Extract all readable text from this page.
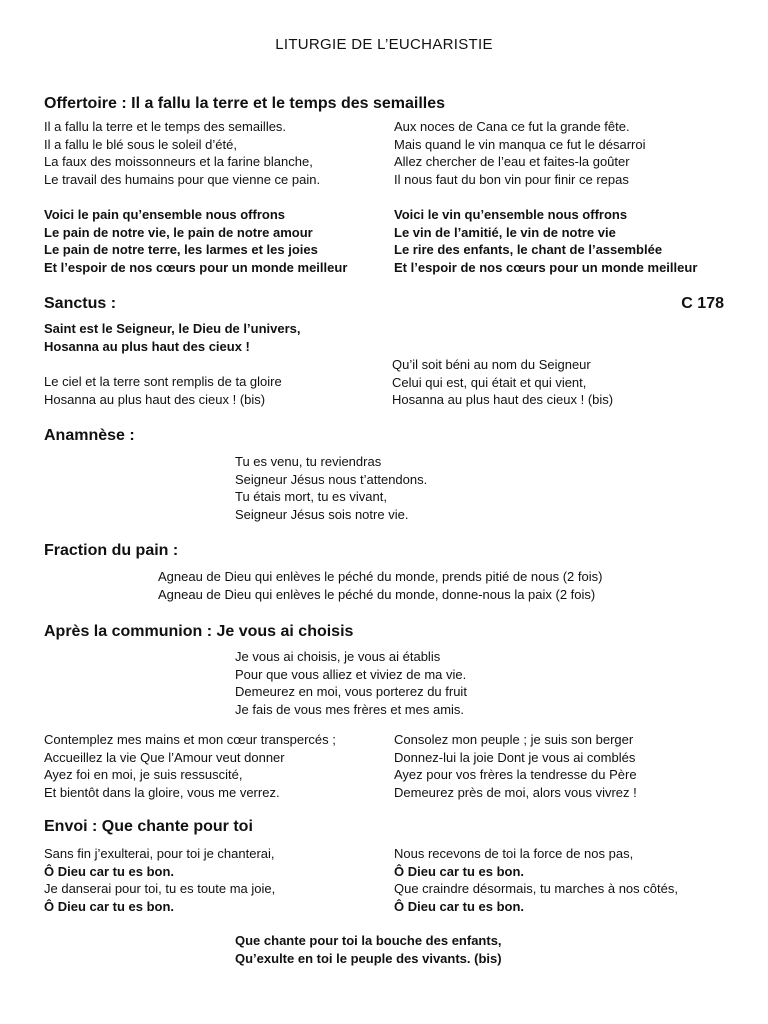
LITURGIE DE L’EUCHARISTIE
Offertoire : Il a fallu la terre et le temps des semailles
Il a fallu la terre et le temps des semailles.
Il a fallu le blé sous le soleil d’été,
La faux des moissonneurs et la farine blanche,
Le travail des humains pour que vienne ce pain.
Aux noces de Cana ce fut la grande fête.
Mais quand le vin manqua ce fut le désarroi
Allez chercher de l’eau et faites-la goûter
Il nous faut du bon vin pour finir ce repas
Voici le pain qu’ensemble nous offrons
Le pain de notre vie, le pain de notre amour
Le pain de notre terre, les larmes et les joies
Et l’espoir de nos cœurs pour un monde meilleur
Voici le vin qu’ensemble nous offrons
Le vin de l’amitié, le vin de notre vie
Le rire des enfants, le chant de l’assemblée
Et l’espoir de nos cœurs pour un monde meilleur
Sanctus :	C 178
Saint est le Seigneur, le Dieu de l’univers,
Hosanna au plus haut des cieux !
Qu’il soit béni au nom du Seigneur
Celui qui est, qui était et qui vient,
Hosanna au plus haut des cieux ! (bis)
Le ciel et la terre sont remplis de ta gloire
Hosanna au plus haut des cieux ! (bis)
Anamnèse :
Tu es venu, tu reviendras
Seigneur Jésus nous t’attendons.
Tu étais mort, tu es vivant,
Seigneur Jésus sois notre vie.
Fraction du pain :
Agneau de Dieu qui enlèves le péché du monde, prends pitié de nous (2 fois)
Agneau de Dieu qui enlèves le péché du monde, donne-nous la paix (2 fois)
Après la communion : Je vous ai choisis
Je vous ai choisis, je vous ai établis
Pour que vous alliez et viviez de ma vie.
Demeurez en moi, vous porterez du fruit
Je fais de vous mes frères et mes amis.
Contemplez mes mains et mon cœur transpercés ;
Accueillez la vie Que l’Amour veut donner
Ayez foi en moi, je suis ressuscité,
Et bientôt dans la gloire, vous me verrez.
Consolez mon peuple ; je suis son berger
Donnez-lui la joie Dont je vous ai comblés
Ayez pour vos frères la tendresse du Père
Demeurez près de moi, alors vous vivrez !
Envoi : Que chante pour toi
Sans fin j’exulterai, pour toi je chanterai,
Ô Dieu car tu es bon.
Je danserai pour toi, tu es toute ma joie,
Ô Dieu car tu es bon.
Nous recevons de toi la force de nos pas,
Ô Dieu car tu es bon.
Que craindre désormais, tu marches à nos côtés,
Ô Dieu car tu es bon.
Que chante pour toi la bouche des enfants,
Qu’exulte en toi le peuple des vivants. (bis)
